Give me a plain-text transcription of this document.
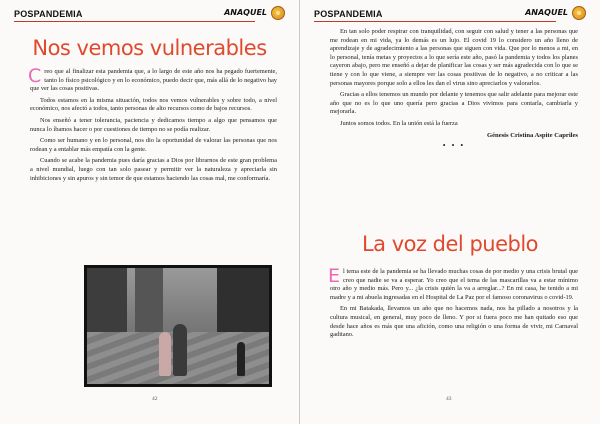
POSPANDEMIA	ANAQUEL
Nos vemos vulnerables

Creo que al finalizar esta pandemia que, a lo largo de este año nos ha pegado fuertemente, tanto lo físico psicológico y en lo económico, puedo decir que, más allá de lo negativo hay que ver las cosas positivas.

Todos estamos en la misma situación, todos nos vemos vulnerables y sobre todo, a nivel económico, nos afectó a todos, tanto personas de alto recursos como de bajos recursos.

Nos enseñó a tener tolerancia, paciencia y dedicamos tiempo a algo que pensamos que nunca lo íbamos hacer o por cuestiones de tiempo no se podía realizar.

Como ser humano y en lo personal, nos dio la oportunidad de valorar las personas que nos rodean y a entablar más empatía con la gente.

Cuando se acabe la pandemia pues daría gracias a Dios por librarnos de este gran problema a nivel mundial, luego con tan solo pasear y permitir ver la naturaleza y apreciarla sin inhibiciones y sin apuros y sin temor de que estamos haciendo las cosas mal, me conformaría.

42
POSPANDEMIA	ANAQUEL

En tan solo poder respirar con tranquilidad, con seguir con salud y tener a las personas que me rodean en mi vida, ya lo demás es un lujo. El covid 19 lo considero un año lleno de aprendizaje y de agradecimiento a las personas que siguen con vida. Que por lo menos a mi, en lo personal, tenía metas y proyectos a lo que sería este año, pasó la pandemia y todos los planes cayeron abajo, pero me enseñó a dejar de planificar las cosas y ser más agradecida con lo que se tiene y con lo que viene, a siempre ver las cosas positivas de lo negativo, a no criticar a las personas mayores porque solo a ellos les dan el virus sino apreciarlos y valorarlos.

Gracias a ellos tenemos un mundo por delante y tenemos que salir adelante para mejorar este año que no es lo que uno quería pero gracias a Dios vivimos para contarla, cambiarla y mejorarla.

Juntos somos todos. En la unión está la fuerza

Génesis Cristina Aspite Capriles
• • •
La voz del pueblo

El tema este de la pandemia se ha llevado muchas cosas de por medio y una crisis brutal que creo que nadie se va a esperar. Yo creo que el tema de las mascarillas va a estar mínimo otro año y medio más. Pero y... ¿la crisis quién la va a arreglar...? En mi casa, he tenido a mi madre y a mi abuela ingresadas en el Hospital de La Paz por el famoso coronavirus o covid-19.

En mi Batakada, llevamos un año que no hacemos nada, nos ha pillado a nosotros y la cultura musical, en general, muy poco de lleno. Y por si fuera poco me han quitado eso que desde hace años es más que una afición, como una religión o una forma de vivir, mi Carnaval gaditano.

43
